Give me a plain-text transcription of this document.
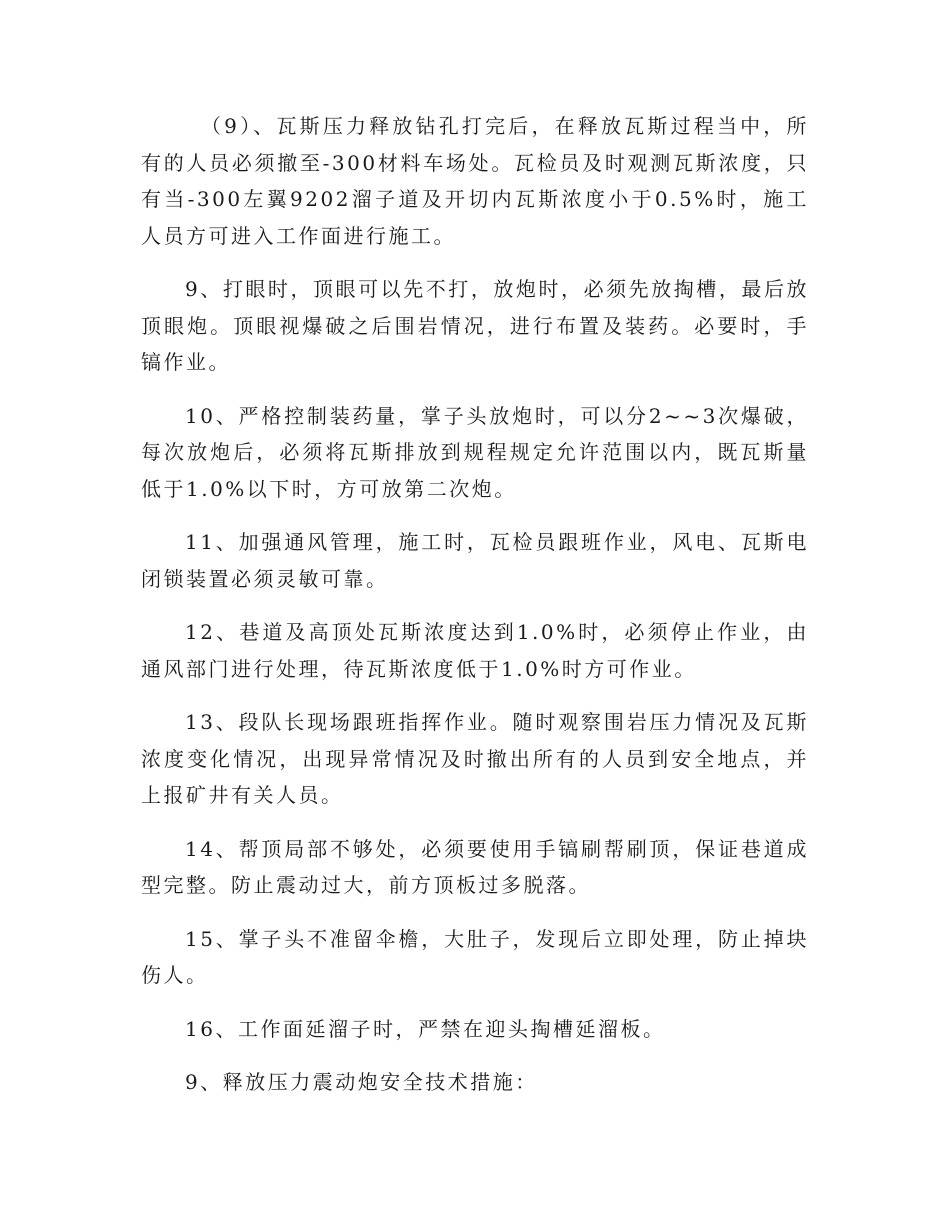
（9）、瓦斯压力释放钻孔打完后，在释放瓦斯过程当中，所有的人员必须撤至-300材料车场处。瓦检员及时观测瓦斯浓度，只有当-300左翼9202溜子道及开切内瓦斯浓度小于0.5%时，施工人员方可进入工作面进行施工。

9、打眼时，顶眼可以先不打，放炮时，必须先放掏槽，最后放顶眼炮。顶眼视爆破之后围岩情况，进行布置及装药。必要时，手镐作业。

10、严格控制装药量，掌子头放炮时，可以分2~~3次爆破，每次放炮后，必须将瓦斯排放到规程规定允许范围以内，既瓦斯量低于1.0%以下时，方可放第二次炮。

11、加强通风管理，施工时，瓦检员跟班作业，风电、瓦斯电闭锁装置必须灵敏可靠。

12、巷道及高顶处瓦斯浓度达到1.0%时，必须停止作业，由通风部门进行处理，待瓦斯浓度低于1.0%时方可作业。

13、段队长现场跟班指挥作业。随时观察围岩压力情况及瓦斯浓度变化情况，出现异常情况及时撤出所有的人员到安全地点，并上报矿井有关人员。

14、帮顶局部不够处，必须要使用手镐刷帮刷顶，保证巷道成型完整。防止震动过大，前方顶板过多脱落。

15、掌子头不准留伞檐，大肚子，发现后立即处理，防止掉块伤人。

16、工作面延溜子时，严禁在迎头掏槽延溜板。

9、释放压力震动炮安全技术措施：
